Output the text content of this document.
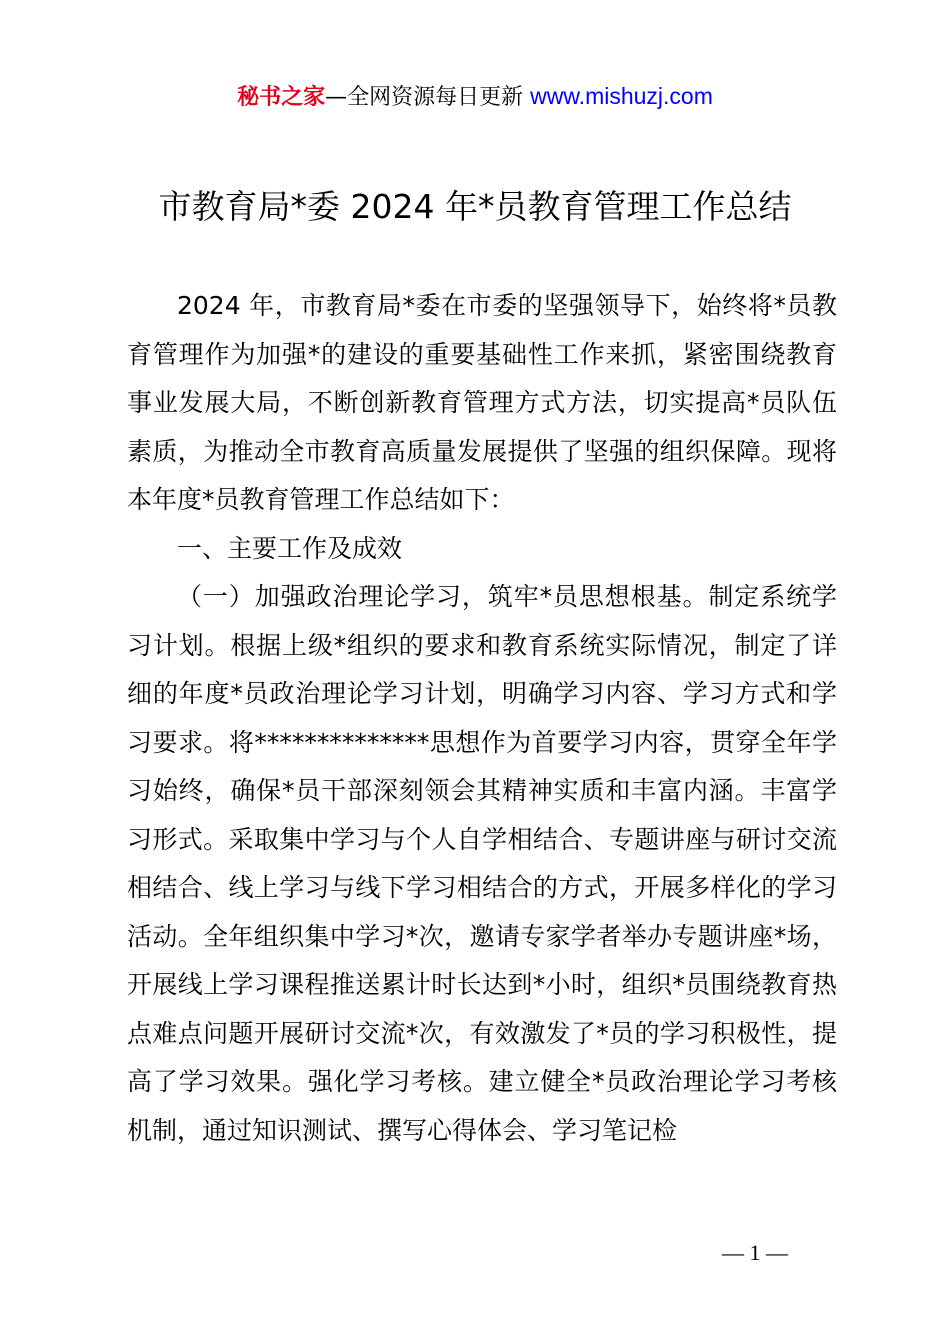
秘书之家—全网资源每日更新 www.mishuzj.com
市教育局*委 2024 年*员教育管理工作总结

2024 年，市教育局*委在市委的坚强领导下，始终将*员教育管理作为加强*的建设的重要基础性工作来抓，紧密围绕教育事业发展大局，不断创新教育管理方式方法，切实提高*员队伍素质，为推动全市教育高质量发展提供了坚强的组织保障。现将本年度*员教育管理工作总结如下：

一、主要工作及成效

（一）加强政治理论学习，筑牢*员思想根基。制定系统学习计划。根据上级*组织的要求和教育系统实际情况，制定了详细的年度*员政治理论学习计划，明确学习内容、学习方式和学习要求。将**************思想作为首要学习内容，贯穿全年学习始终，确保*员干部深刻领会其精神实质和丰富内涵。丰富学习形式。采取集中学习与个人自学相结合、专题讲座与研讨交流相结合、线上学习与线下学习相结合的方式，开展多样化的学习活动。全年组织集中学习*次，邀请专家学者举办专题讲座*场，开展线上学习课程推送累计时长达到*小时，组织*员围绕教育热点难点问题开展研讨交流*次，有效激发了*员的学习积极性，提高了学习效果。强化学习考核。建立健全*员政治理论学习考核机制，通过知识测试、撰写心得体会、学习笔记检

— 1 —
